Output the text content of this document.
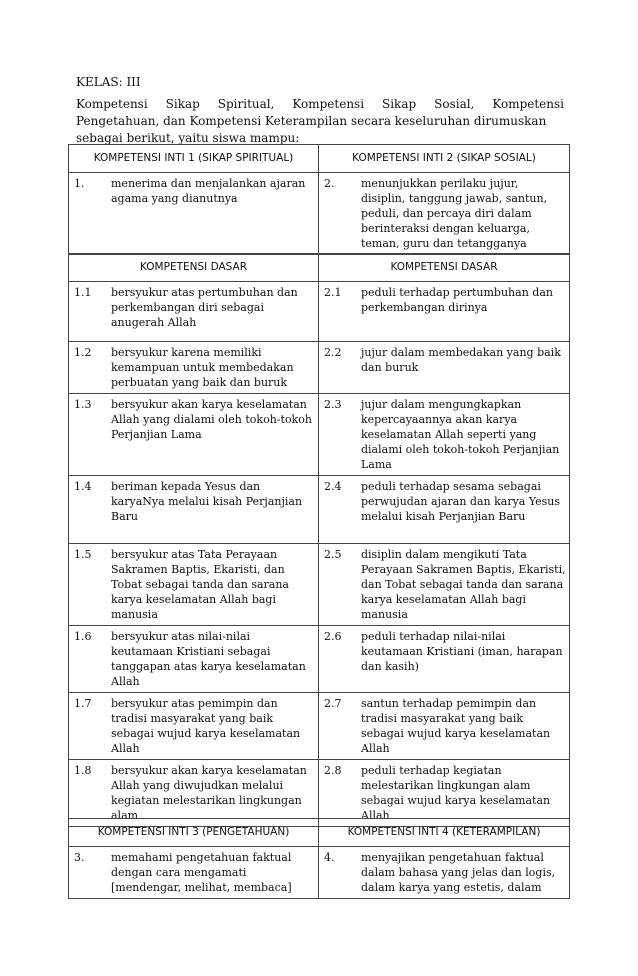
KELAS: III
Kompetensi Sikap Spiritual, Kompetensi Sikap Sosial, Kompetensi Pengetahuan, dan Kompetensi Keterampilan secara keseluruhan dirumuskan
sebagai berikut, yaitu siswa mampu:
KOMPETENSI INTI 1 (SIKAP SPIRITUAL)	KOMPETENSI INTI 2 (SIKAP SOSIAL)

1. menerima dan menjalankan ajaran agama yang dianutnya	2. menunjukkan perilaku jujur, disiplin, tanggung jawab, santun, peduli, dan percaya diri dalam berinteraksi dengan keluarga, teman, guru dan tetangganya
KOMPETENSI DASAR	KOMPETENSI DASAR

1.1 bersyukur atas pertumbuhan dan perkembangan diri sebagai anugerah Allah	2.1 peduli terhadap pertumbuhan dan perkembangan dirinya

1.2 bersyukur karena memiliki kemampuan untuk membedakan perbuatan yang baik dan buruk	2.2 jujur dalam membedakan yang baik dan buruk

1.3 bersyukur akan karya keselamatan Allah yang dialami oleh tokoh-tokoh Perjanjian Lama	2.3 jujur dalam mengungkapkan kepercayaannya akan karya keselamatan Allah seperti yang dialami oleh tokoh-tokoh Perjanjian Lama

1.4 beriman kepada Yesus dan karyaNya melalui kisah Perjanjian Baru	2.4 peduli terhadap sesama sebagai perwujudan ajaran dan karya Yesus melalui kisah Perjanjian Baru

1.5 bersyukur atas Tata Perayaan Sakramen Baptis, Ekaristi, dan Tobat sebagai tanda dan sarana karya keselamatan Allah bagi manusia	2.5 disiplin dalam mengikuti Tata Perayaan Sakramen Baptis, Ekaristi, dan Tobat sebagai tanda dan sarana karya keselamatan Allah bagi manusia

1.6 bersyukur atas nilai-nilai keutamaan Kristiani sebagai tanggapan atas karya keselamatan Allah	2.6 peduli terhadap nilai-nilai keutamaan Kristiani (iman, harapan dan kasih)

1.7 bersyukur atas pemimpin dan tradisi masyarakat yang baik sebagai wujud karya keselamatan Allah	2.7 santun terhadap pemimpin dan tradisi masyarakat yang baik sebagai wujud karya keselamatan Allah

1.8 bersyukur akan karya keselamatan Allah yang diwujudkan melalui kegiatan melestarikan lingkungan alam	2.8 peduli terhadap kegiatan melestarikan lingkungan alam sebagai wujud karya keselamatan Allah
KOMPETENSI INTI 3 (PENGETAHUAN)	KOMPETENSI INTI 4 (KETERAMPILAN)

3. memahami pengetahuan faktual dengan cara mengamati [mendengar, melihat, membaca]	4. menyajikan pengetahuan faktual dalam bahasa yang jelas dan logis, dalam karya yang estetis, dalam
